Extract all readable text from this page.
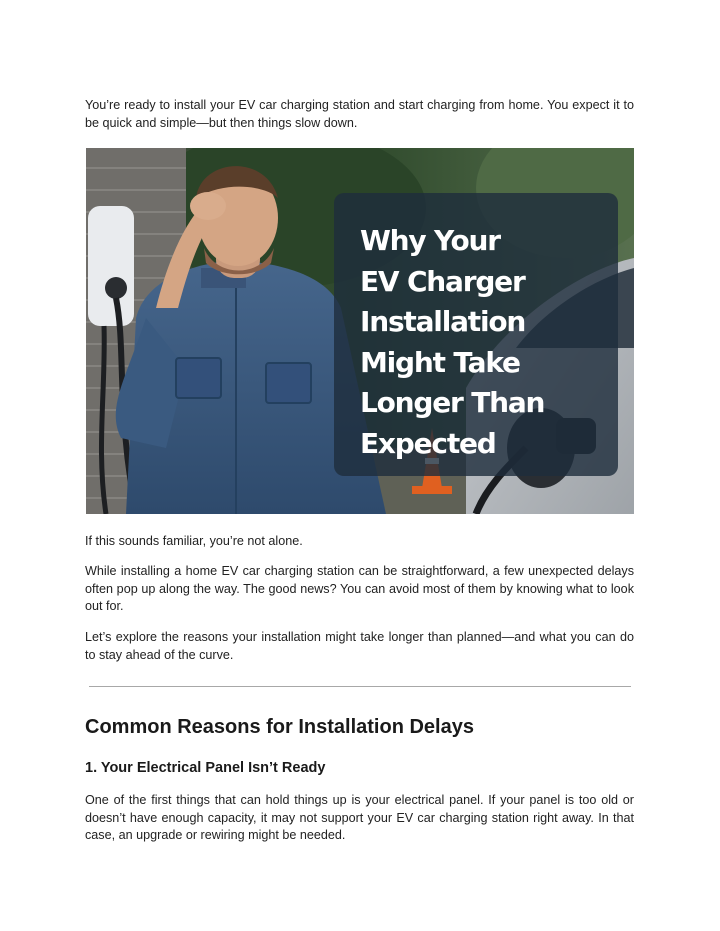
You’re ready to install your EV car charging station and start charging from home. You expect it to be quick and simple—but then things slow down.

Why Your
EV Charger
Installation
Might Take
Longer Than
Expected

If this sounds familiar, you’re not alone.

While installing a home EV car charging station can be straightforward, a few unexpected delays often pop up along the way. The good news? You can avoid most of them by knowing what to look out for.

Let’s explore the reasons your installation might take longer than planned—and what you can do to stay ahead of the curve.

Common Reasons for Installation Delays
1. Your Electrical Panel Isn’t Ready

One of the first things that can hold things up is your electrical panel. If your panel is too old or doesn’t have enough capacity, it may not support your EV car charging station right away. In that case, an upgrade or rewiring might be needed.
